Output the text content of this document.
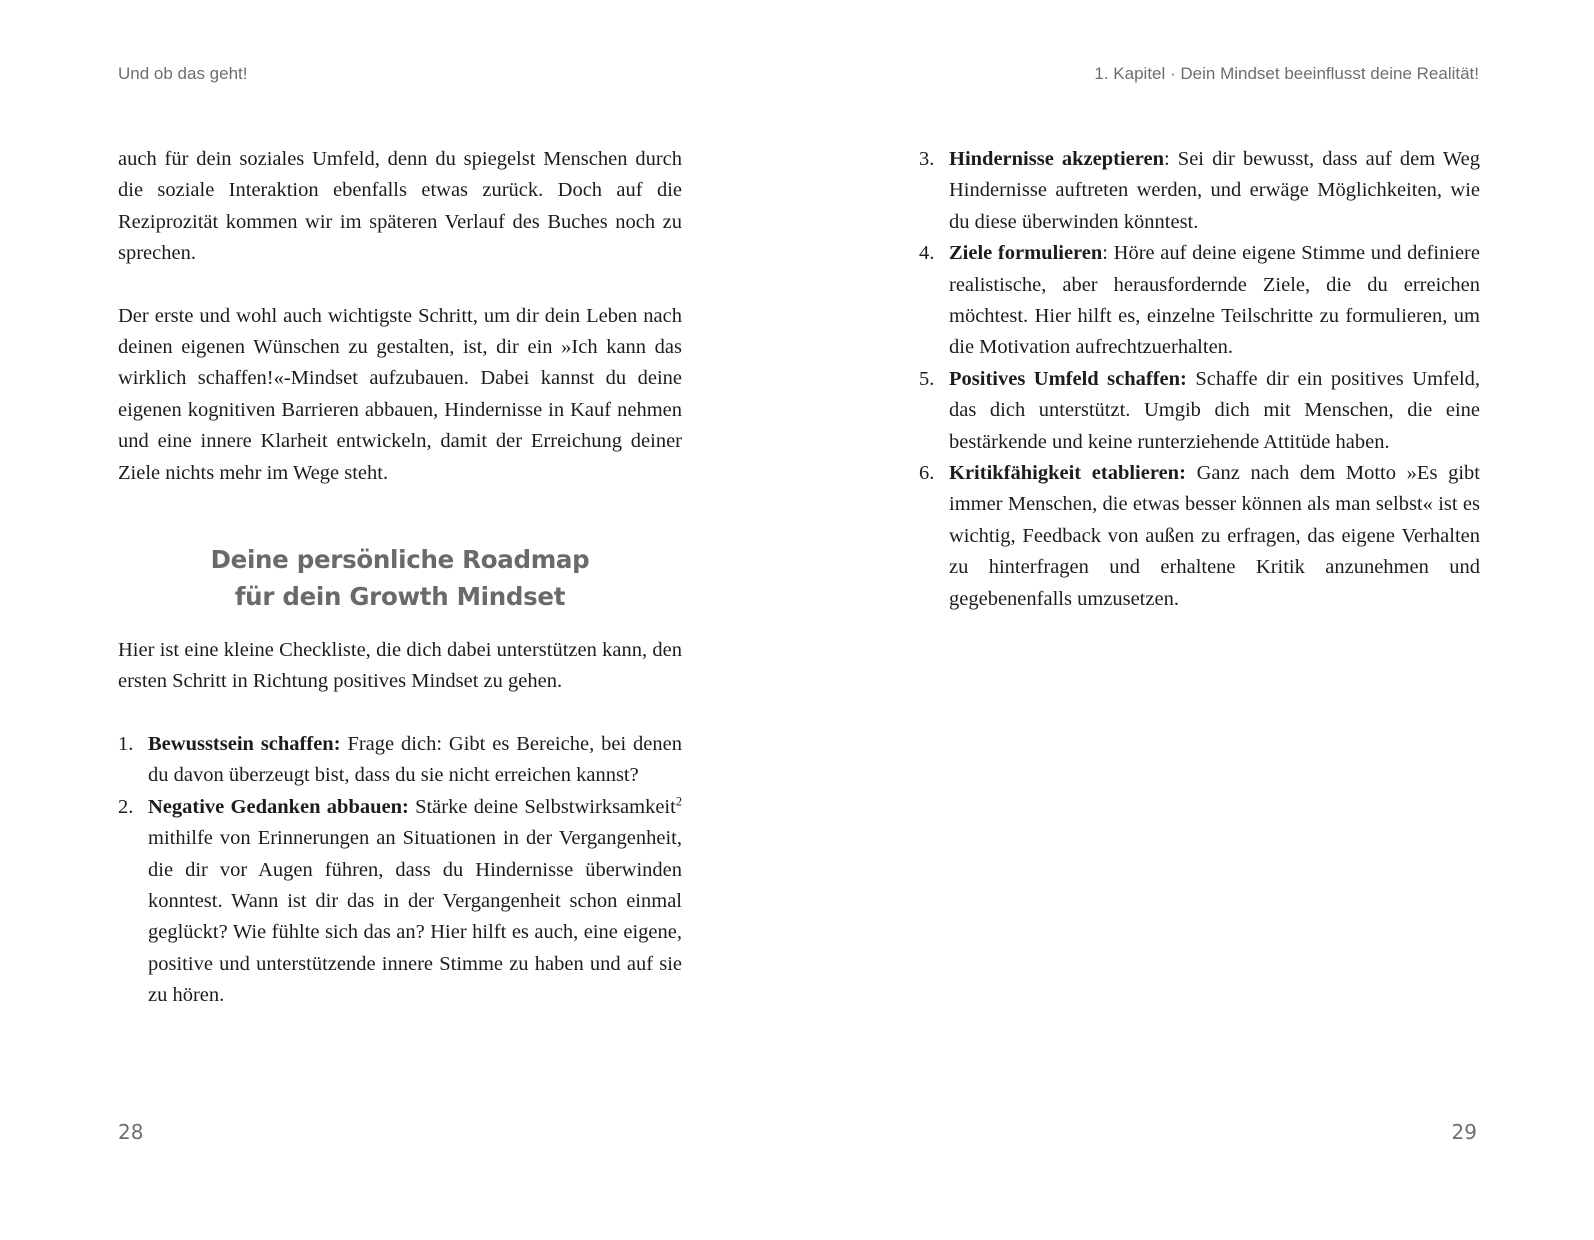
Und ob das geht!

auch für dein soziales Umfeld, denn du spiegelst Menschen durch die soziale Interaktion ebenfalls etwas zurück. Doch auf die Reziprozität kommen wir im späteren Verlauf des Buches noch zu sprechen.

Der erste und wohl auch wichtigste Schritt, um dir dein Leben nach deinen eigenen Wünschen zu gestalten, ist, dir ein »Ich kann das wirklich schaffen!«-Mindset aufzubauen. Dabei kannst du deine eigenen kognitiven Barrieren abbauen, Hindernisse in Kauf nehmen und eine innere Klarheit entwickeln, damit der Erreichung deiner Ziele nichts mehr im Wege steht.

Deine persönliche Roadmap
für dein Growth Mindset

Hier ist eine kleine Checkliste, die dich dabei unterstützen kann, den ersten Schritt in Richtung positives Mindset zu gehen.

1. Bewusstsein schaffen: Frage dich: Gibt es Bereiche, bei denen du davon überzeugt bist, dass du sie nicht erreichen kannst?
2. Negative Gedanken abbauen: Stärke deine Selbstwirksamkeit$^2$ mithilfe von Erinnerungen an Situationen in der Vergangenheit, die dir vor Augen führen, dass du Hindernisse überwinden konntest. Wann ist dir das in der Vergangenheit schon einmal geglückt? Wie fühlte sich das an? Hier hilft es auch, eine eigene, positive und unterstützende innere Stimme zu haben und auf sie zu hören.
28
1. Kapitel · Dein Mindset beeinflusst deine Realität!
3. Hindernisse akzeptieren: Sei dir bewusst, dass auf dem Weg Hindernisse auftreten werden, und erwäge Möglichkeiten, wie du diese überwinden könntest.
4. Ziele formulieren: Höre auf deine eigene Stimme und definiere realistische, aber herausfordernde Ziele, die du erreichen möchtest. Hier hilft es, einzelne Teilschritte zu formulieren, um die Motivation aufrechtzuerhalten.
5. Positives Umfeld schaffen: Schaffe dir ein positives Umfeld, das dich unterstützt. Umgib dich mit Menschen, die eine bestärkende und keine runterziehende Attitüde haben.
6. Kritikfähigkeit etablieren: Ganz nach dem Motto »Es gibt immer Menschen, die etwas besser können als man selbst« ist es wichtig, Feedback von außen zu erfragen, das eigene Verhalten zu hinterfragen und erhaltene Kritik anzunehmen und gegebenenfalls umzusetzen.
29
